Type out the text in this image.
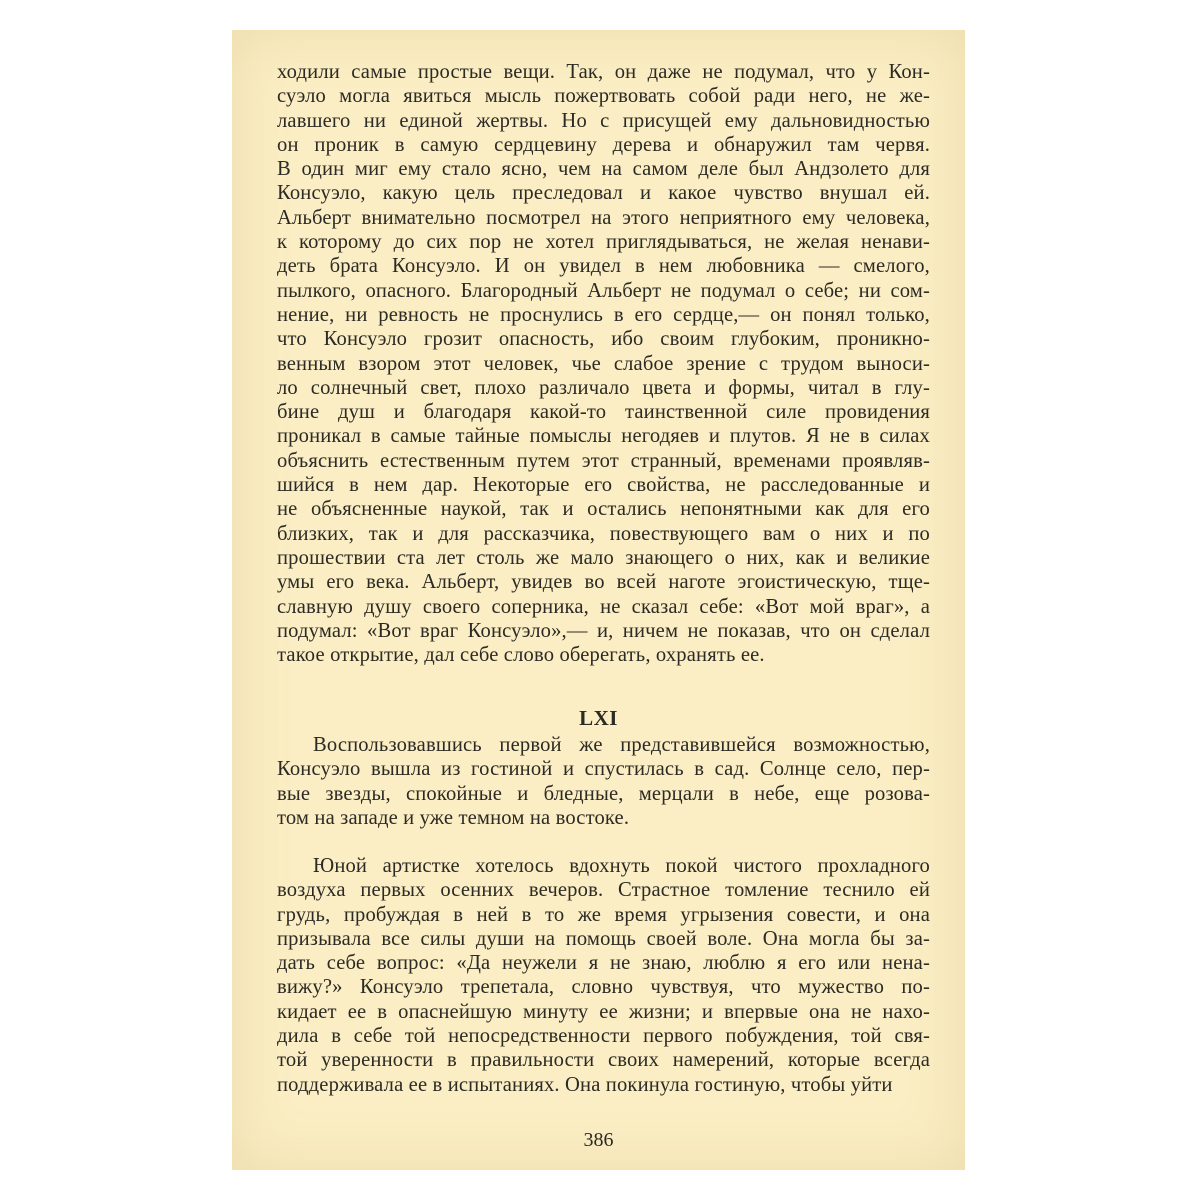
ходили самые простые вещи. Так, он даже не подумал, что у Кон-
суэло могла явиться мысль пожертвовать собой ради него, не же-
лавшего ни единой жертвы. Но с присущей ему дальновидностью
он проник в самую сердцевину дерева и обнаружил там червя.
В один миг ему стало ясно, чем на самом деле был Андзолето для
Консуэло, какую цель преследовал и какое чувство внушал ей.
Альберт внимательно посмотрел на этого неприятного ему человека,
к которому до сих пор не хотел приглядываться, не желая ненави-
деть брата Консуэло. И он увидел в нем любовника — смелого,
пылкого, опасного. Благородный Альберт не подумал о себе; ни сом-
нение, ни ревность не проснулись в его сердце,— он понял только,
что Консуэло грозит опасность, ибо своим глубоким, проникно-
венным взором этот человек, чье слабое зрение с трудом выноси-
ло солнечный свет, плохо различало цвета и формы, читал в глу-
бине душ и благодаря какой-то таинственной силе провидения
проникал в самые тайные помыслы негодяев и плутов. Я не в силах
объяснить естественным путем этот странный, временами проявляв-
шийся в нем дар. Некоторые его свойства, не расследованные и
не объясненные наукой, так и остались непонятными как для его
близких, так и для рассказчика, повествующего вам о них и по
прошествии ста лет столь же мало знающего о них, как и великие
умы его века. Альберт, увидев во всей наготе эгоистическую, тще-
славную душу своего соперника, не сказал себе: «Вот мой враг», а
подумал: «Вот враг Консуэло»,— и, ничем не показав, что он сделал
такое открытие, дал себе слово оберегать, охранять ее.
LXI
Воспользовавшись первой же представившейся возможностью,
Консуэло вышла из гостиной и спустилась в сад. Солнце село, пер-
вые звезды, спокойные и бледные, мерцали в небе, еще розова-
том на западе и уже темном на востоке.
Юной артистке хотелось вдохнуть покой чистого прохладного
воздуха первых осенних вечеров. Страстное томление теснило ей
грудь, пробуждая в ней в то же время угрызения совести, и она
призывала все силы души на помощь своей воле. Она могла бы за-
дать себе вопрос: «Да неужели я не знаю, люблю я его или нена-
вижу?» Консуэло трепетала, словно чувствуя, что мужество по-
кидает ее в опаснейшую минуту ее жизни; и впервые она не нахо-
дила в себе той непосредственности первого побуждения, той свя-
той уверенности в правильности своих намерений, которые всегда
поддерживала ее в испытаниях. Она покинула гостиную, чтобы уйти
386
